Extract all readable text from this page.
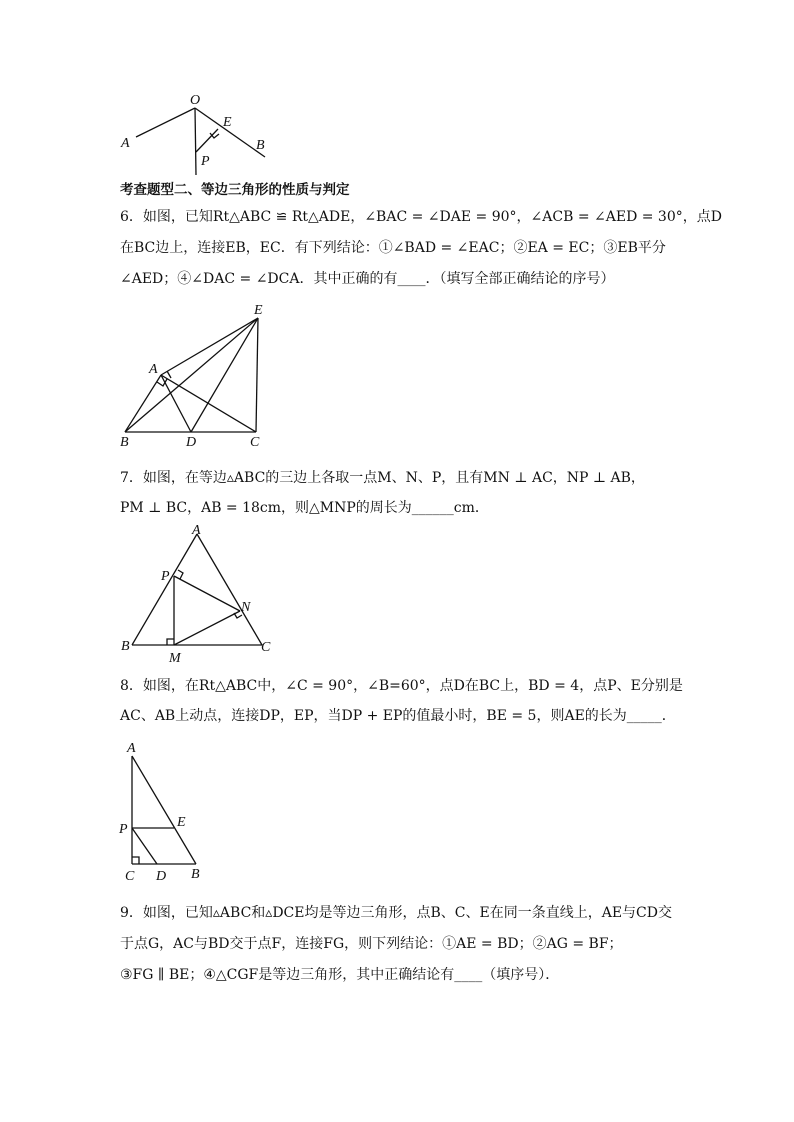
O
A
E
B
P
考查题型二、等边三角形的性质与判定
6．如图，已知Rt△ABC ≌ Rt△ADE，∠BAC = ∠DAE = 90°，∠ACB = ∠AED = 30°，点D
在BC边上，连接EB，EC．有下列结论：①∠BAD = ∠EAC；②EA = EC；③EB平分
∠AED；④∠DAC = ∠DCA．其中正确的有____．（填写全部正确结论的序号）
E
A
B	D	C
7．如图，在等边▵ABC的三边上各取一点M、N、P，且有MN ⊥ AC，NP ⊥ AB，
PM ⊥ BC，AB = 18cm，则△MNP的周长为______cm．
A
P
N
B
M
C
8．如图，在Rt△ABC中，∠C = 90°，∠B=60°，点D在BC上，BD = 4，点P、E分别是
AC、AB上动点，连接DP，EP，当DP + EP的值最小时，BE = 5，则AE的长为_____．
A
P	E
C D B
9．如图，已知▵ABC和▵DCE均是等边三角形，点B、C、E在同一条直线上，AE与CD交
于点G，AC与BD交于点F，连接FG，则下列结论：①AE = BD；②AG = BF；
③FG ∥ BE；④△CGF是等边三角形，其中正确结论有____（填序号）．
